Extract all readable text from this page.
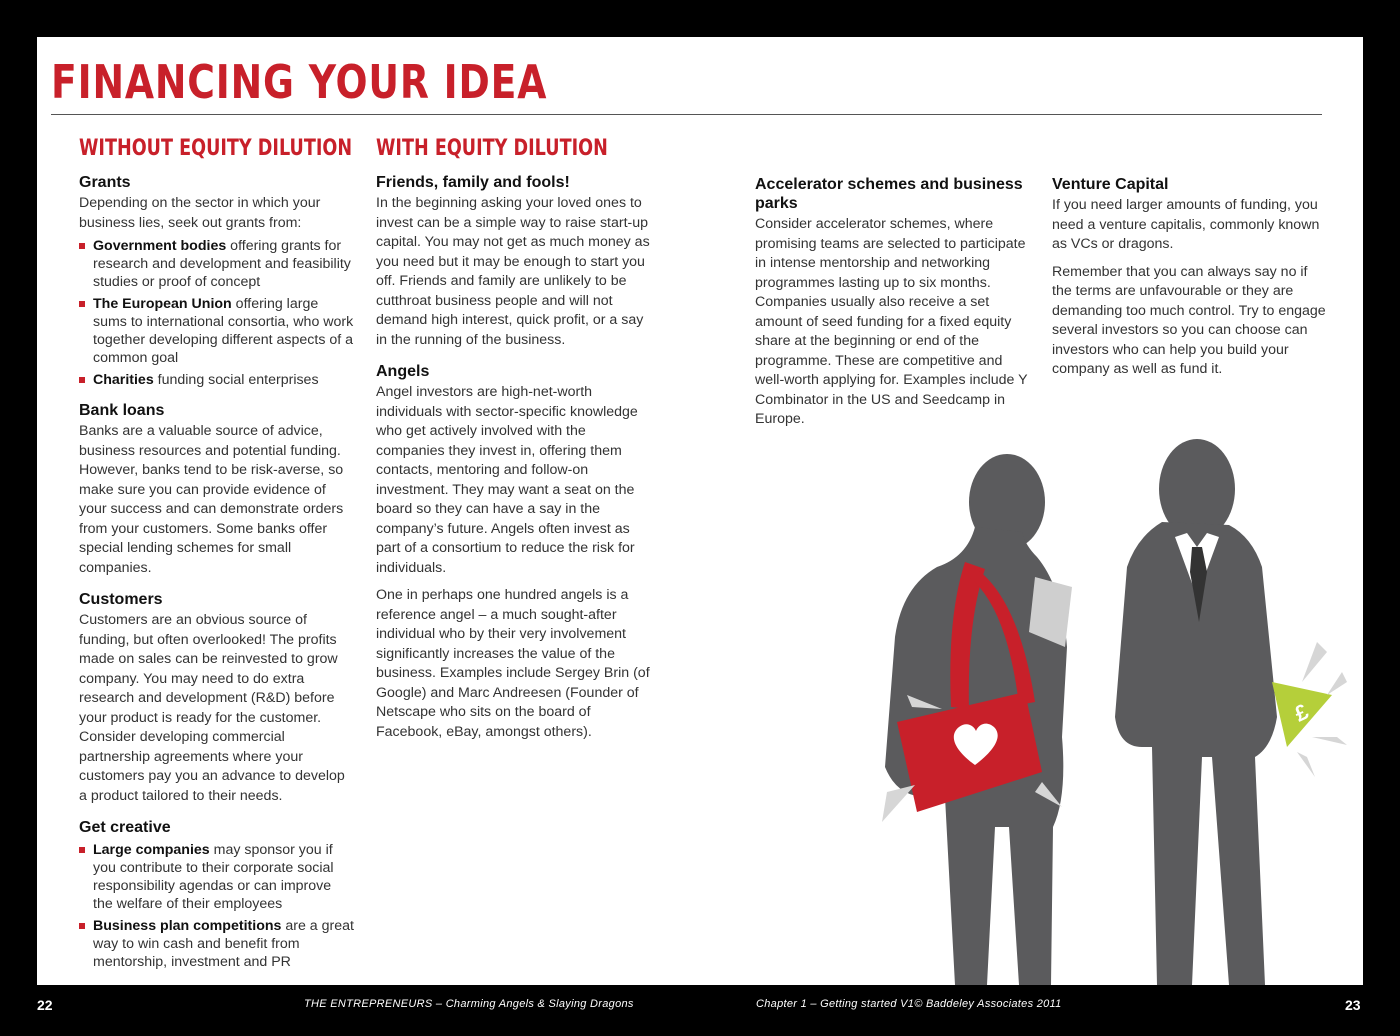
FINANCING YOUR IDEA
WITHOUT EQUITY DILUTION
Grants

Depending on the sector in which your business lies, seek out grants from:

Government bodies offering grants for research and development and feasibility studies or proof of concept
The European Union offering large sums to international consortia, who work together developing different aspects of a common goal
Charities funding social enterprises
Bank loans

Banks are a valuable source of advice, business resources and potential funding. However, banks tend to be risk-averse, so make sure you can provide evidence of your success and can demonstrate orders from your customers. Some banks offer special lending schemes for small companies.

Customers

Customers are an obvious source of funding, but often overlooked! The profits made on sales can be reinvested to grow company. You may need to do extra research and development (R&D) before your product is ready for the customer. Consider developing commercial partnership agreements where your customers pay you an advance to develop a product tailored to their needs.

Get creative
Large companies may sponsor you if you contribute to their corporate social responsibility agendas or can improve the welfare of their employees
Business plan competitions are a great way to win cash and benefit from mentorship, investment and PR
WITH EQUITY DILUTION
Friends, family and fools!

In the beginning asking your loved ones to invest can be a simple way to raise start-up capital. You may not get as much money as you need but it may be enough to start you off. Friends and family are unlikely to be cutthroat business people and will not demand high interest, quick profit, or a say in the running of the business.

Angels

Angel investors are high-net-worth individuals with sector-specific knowledge who get actively involved with the companies they invest in, offering them contacts, mentoring and follow-on investment. They may want a seat on the board so they can have a say in the company’s future. Angels often invest as part of a consortium to reduce the risk for individuals.

One in perhaps one hundred angels is a reference angel – a much sought-after individual who by their very involvement significantly increases the value of the business. Examples include Sergey Brin (of Google) and Marc Andreesen (Founder of Netscape who sits on the board of Facebook, eBay, amongst others).

Accelerator schemes and business parks

Consider accelerator schemes, where promising teams are selected to participate in intense mentorship and networking programmes lasting up to six months. Companies usually also receive a set amount of seed funding for a fixed equity share at the beginning or end of the programme. These are competitive and well-worth applying for. Examples include Y Combinator in the US and Seedcamp in Europe.

Venture Capital

If you need larger amounts of funding, you need a venture capitalis, commonly known as VCs or dragons.

Remember that you can always say no if the terms are unfavourable or they are demanding too much control. Try to engage several investors so you can choose can investors who can help you build your company as well as fund it.

£
22	THE ENTREPRENEURS – Charming Angels & Slaying Dragons	Chapter 1 – Getting started V1© Baddeley Associates 2011	23
